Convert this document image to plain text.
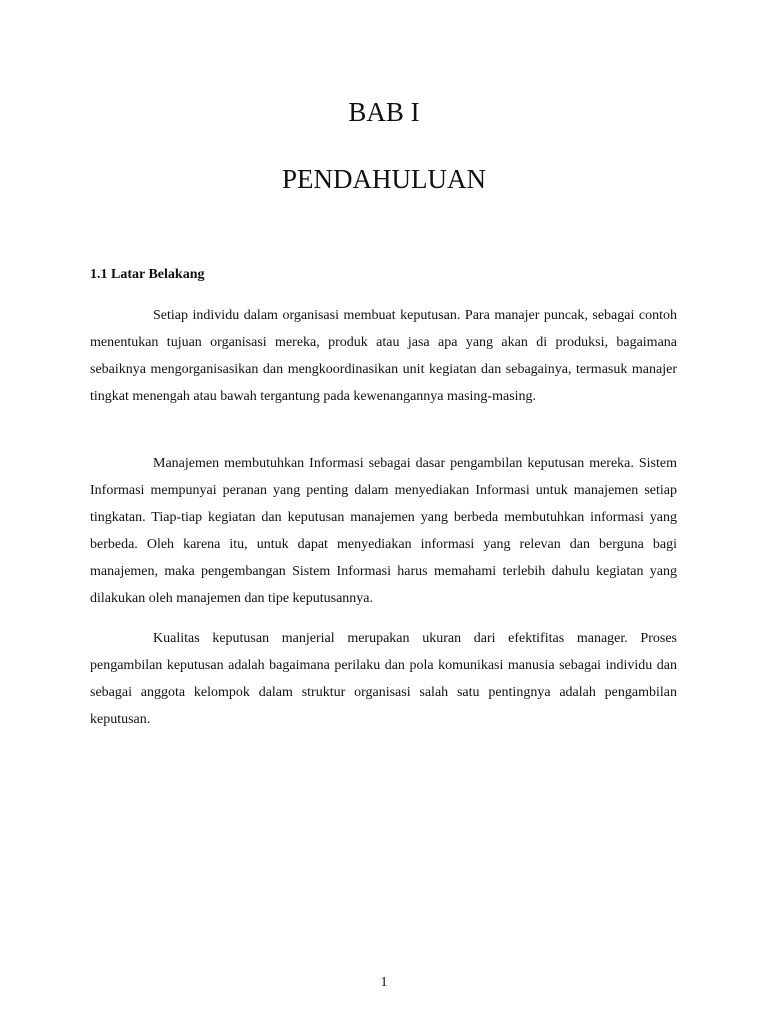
BAB I
PENDAHULUAN
1.1 Latar Belakang

Setiap individu dalam organisasi membuat keputusan. Para manajer puncak, sebagai contoh menentukan tujuan organisasi mereka, produk atau jasa apa yang akan di produksi, bagaimana sebaiknya mengorganisasikan dan mengkoordinasikan unit kegiatan dan sebagainya, termasuk manajer tingkat menengah atau bawah tergantung pada kewenangannya masing-masing.

Manajemen membutuhkan Informasi sebagai dasar pengambilan keputusan mereka. Sistem Informasi mempunyai peranan yang penting dalam menyediakan Informasi untuk manajemen setiap tingkatan. Tiap-tiap kegiatan dan keputusan manajemen yang berbeda membutuhkan informasi yang berbeda. Oleh karena itu, untuk dapat menyediakan informasi yang relevan dan berguna bagi manajemen, maka pengembangan Sistem Informasi harus memahami terlebih dahulu kegiatan yang dilakukan oleh manajemen dan tipe keputusannya.

Kualitas keputusan manjerial merupakan ukuran dari efektifitas manager. Proses pengambilan keputusan adalah bagaimana perilaku dan pola komunikasi manusia sebagai individu dan sebagai anggota kelompok dalam struktur organisasi salah satu pentingnya adalah pengambilan keputusan.

1
